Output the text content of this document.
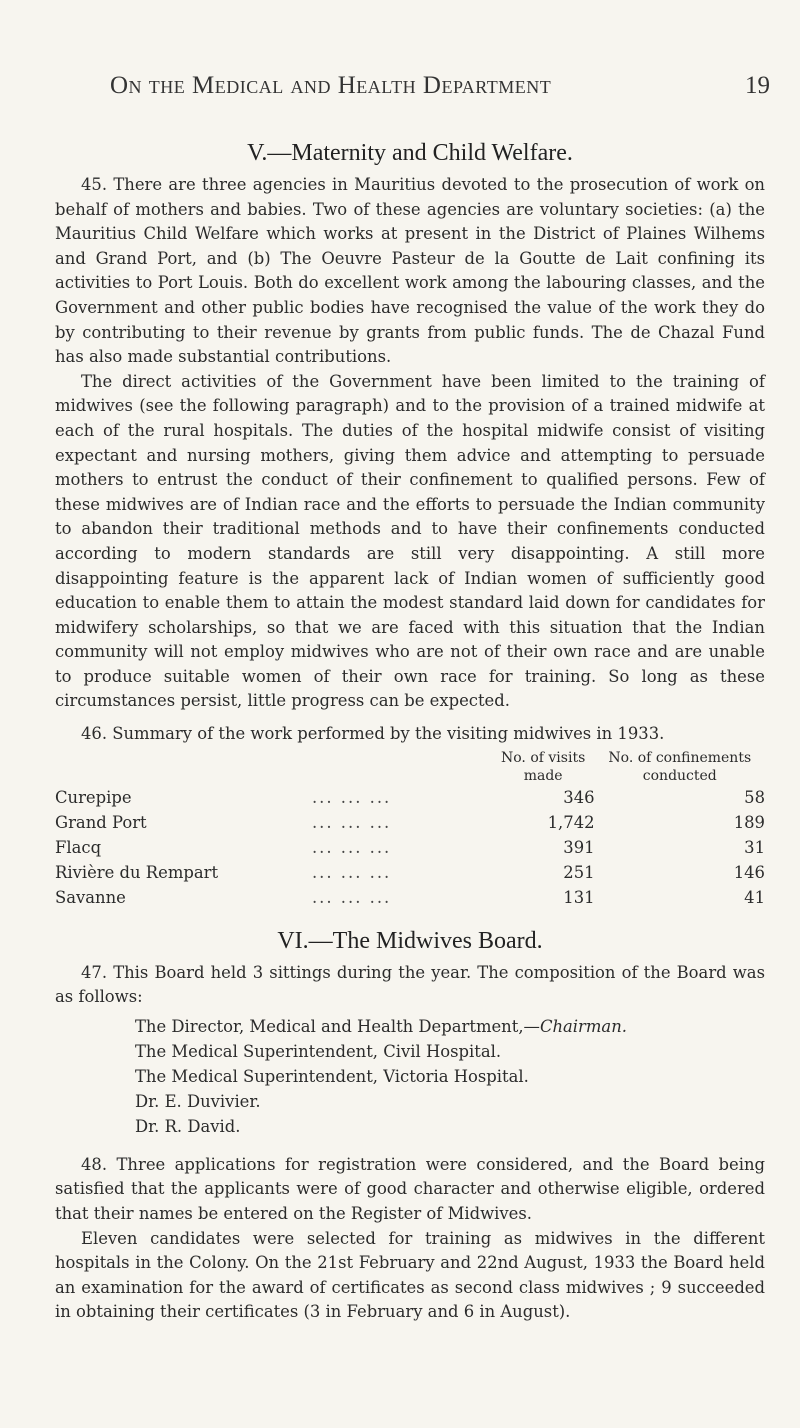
On the Medical and Health Department	19
V.—Maternity and Child Welfare.

45. There are three agencies in Mauritius devoted to the prosecution of work on behalf of mothers and babies. Two of these agencies are voluntary societies: (a) the Mauritius Child Welfare which works at present in the District of Plaines Wilhems and Grand Port, and (b) The Oeuvre Pasteur de la Goutte de Lait confining its activities to Port Louis. Both do excellent work among the labouring classes, and the Government and other public bodies have recognised the value of the work they do by contributing to their revenue by grants from public funds. The de Chazal Fund has also made substantial contributions.

The direct activities of the Government have been limited to the training of midwives (see the following paragraph) and to the provision of a trained midwife at each of the rural hospitals. The duties of the hospital midwife consist of visiting expectant and nursing mothers, giving them advice and attempting to persuade mothers to entrust the conduct of their confinement to qualified persons. Few of these midwives are of Indian race and the efforts to persuade the Indian community to abandon their traditional methods and to have their confinements conducted according to modern standards are still very disappointing. A still more disappointing feature is the apparent lack of Indian women of sufficiently good education to enable them to attain the modest standard laid down for candidates for midwifery scholarships, so that we are faced with this situation that the Indian community will not employ midwives who are not of their own race and are unable to produce suitable women of their own race for training. So long as these circumstances persist, little progress can be expected.

46. Summary of the work performed by the visiting midwives in 1933.
		No. of visits made	No. of confinements conducted
Curepipe	... ... ...	346	58
Grand Port	... ... ...	1,742	189
Flacq	... ... ...	391	31
Rivière du Rempart	... ... ...	251	146
Savanne	... ... ...	131	41
VI.—The Midwives Board.

47. This Board held 3 sittings during the year. The composition of the Board was as follows:

The Director, Medical and Health Department,—Chairman.
The Medical Superintendent, Civil Hospital.
The Medical Superintendent, Victoria Hospital.
Dr. E. Duvivier.
Dr. R. David.

48. Three applications for registration were considered, and the Board being satisfied that the applicants were of good character and otherwise eligible, ordered that their names be entered on the Register of Midwives.

Eleven candidates were selected for training as midwives in the different hospitals in the Colony. On the 21st February and 22nd August, 1933 the Board held an examination for the award of certificates as second class midwives ; 9 succeeded in obtaining their certificates (3 in February and 6 in August).
